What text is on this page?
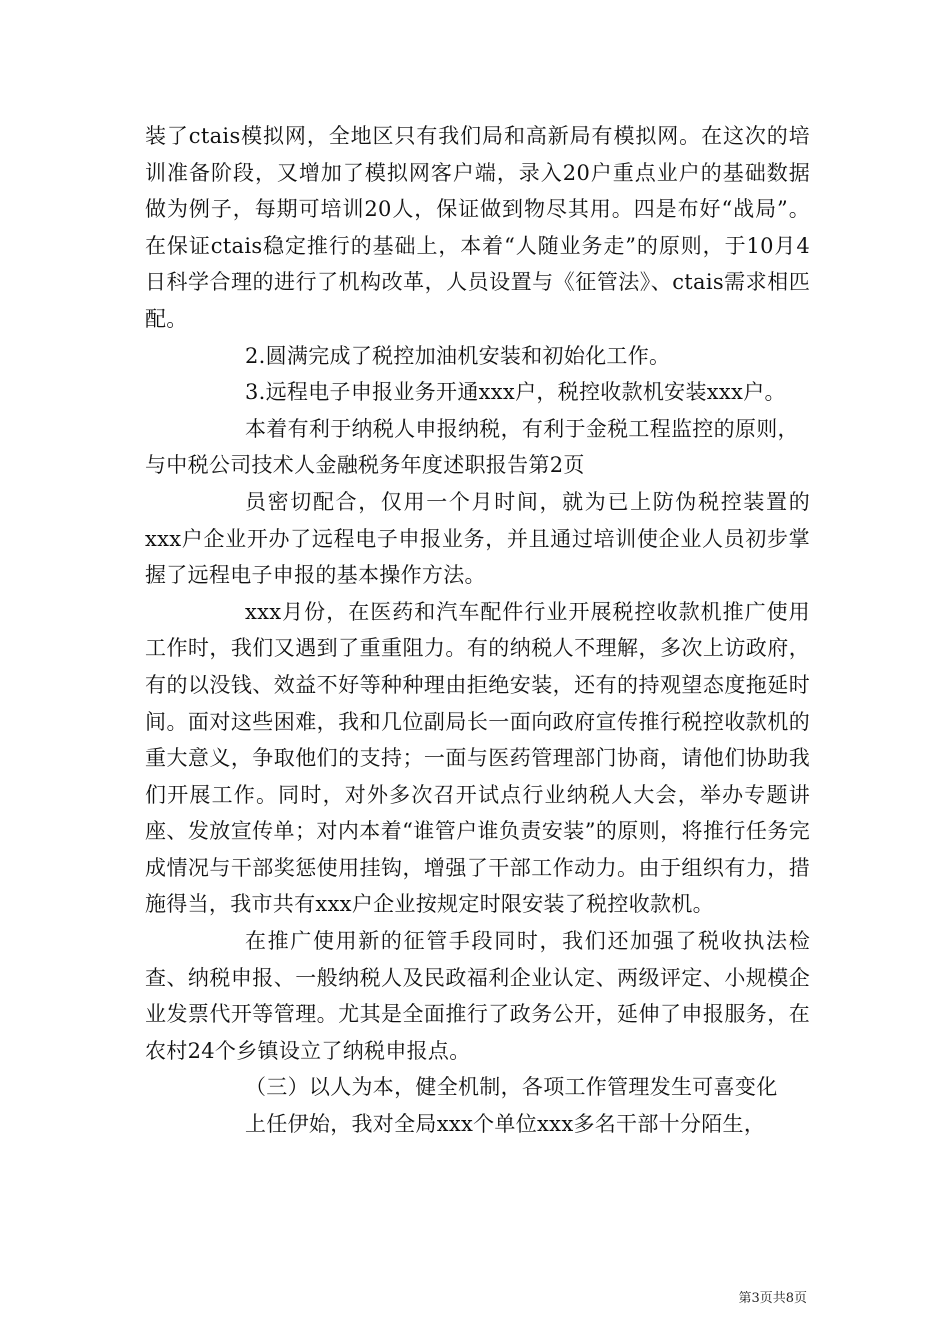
装了ctais模拟网，全地区只有我们局和高新局有模拟网。在这次的培训准备阶段，又增加了模拟网客户端，录入20户重点业户的基础数据做为例子，每期可培训20人，保证做到物尽其用。四是布好“战局”。在保证ctais稳定推行的基础上，本着“人随业务走”的原则，于10月4日科学合理的进行了机构改革，人员设置与《征管法》、ctais需求相匹配。

2.圆满完成了税控加油机安装和初始化工作。

3.远程电子申报业务开通xxx户，税控收款机安装xxx户。

本着有利于纳税人申报纳税，有利于金税工程监控的原则，

与中税公司技术人金融税务年度述职报告第2页

员密切配合，仅用一个月时间，就为已上防伪税控装置的xxx户企业开办了远程电子申报业务，并且通过培训使企业人员初步掌握了远程电子申报的基本操作方法。

xxx月份，在医药和汽车配件行业开展税控收款机推广使用工作时，我们又遇到了重重阻力。有的纳税人不理解，多次上访政府，有的以没钱、效益不好等种种理由拒绝安装，还有的持观望态度拖延时间。面对这些困难，我和几位副局长一面向政府宣传推行税控收款机的重大意义，争取他们的支持；一面与医药管理部门协商，请他们协助我们开展工作。同时，对外多次召开试点行业纳税人大会，举办专题讲座、发放宣传单；对内本着“谁管户谁负责安装”的原则，将推行任务完成情况与干部奖惩使用挂钩，增强了干部工作动力。由于组织有力，措施得当，我市共有xxx户企业按规定时限安装了税控收款机。

在推广使用新的征管手段同时，我们还加强了税收执法检查、纳税申报、一般纳税人及民政福利企业认定、两级评定、小规模企业发票代开等管理。尤其是全面推行了政务公开，延伸了申报服务，在农村24个乡镇设立了纳税申报点。

（三）以人为本，健全机制，各项工作管理发生可喜变化

上任伊始，我对全局xxx个单位xxx多名干部十分陌生，

第3页共8页
